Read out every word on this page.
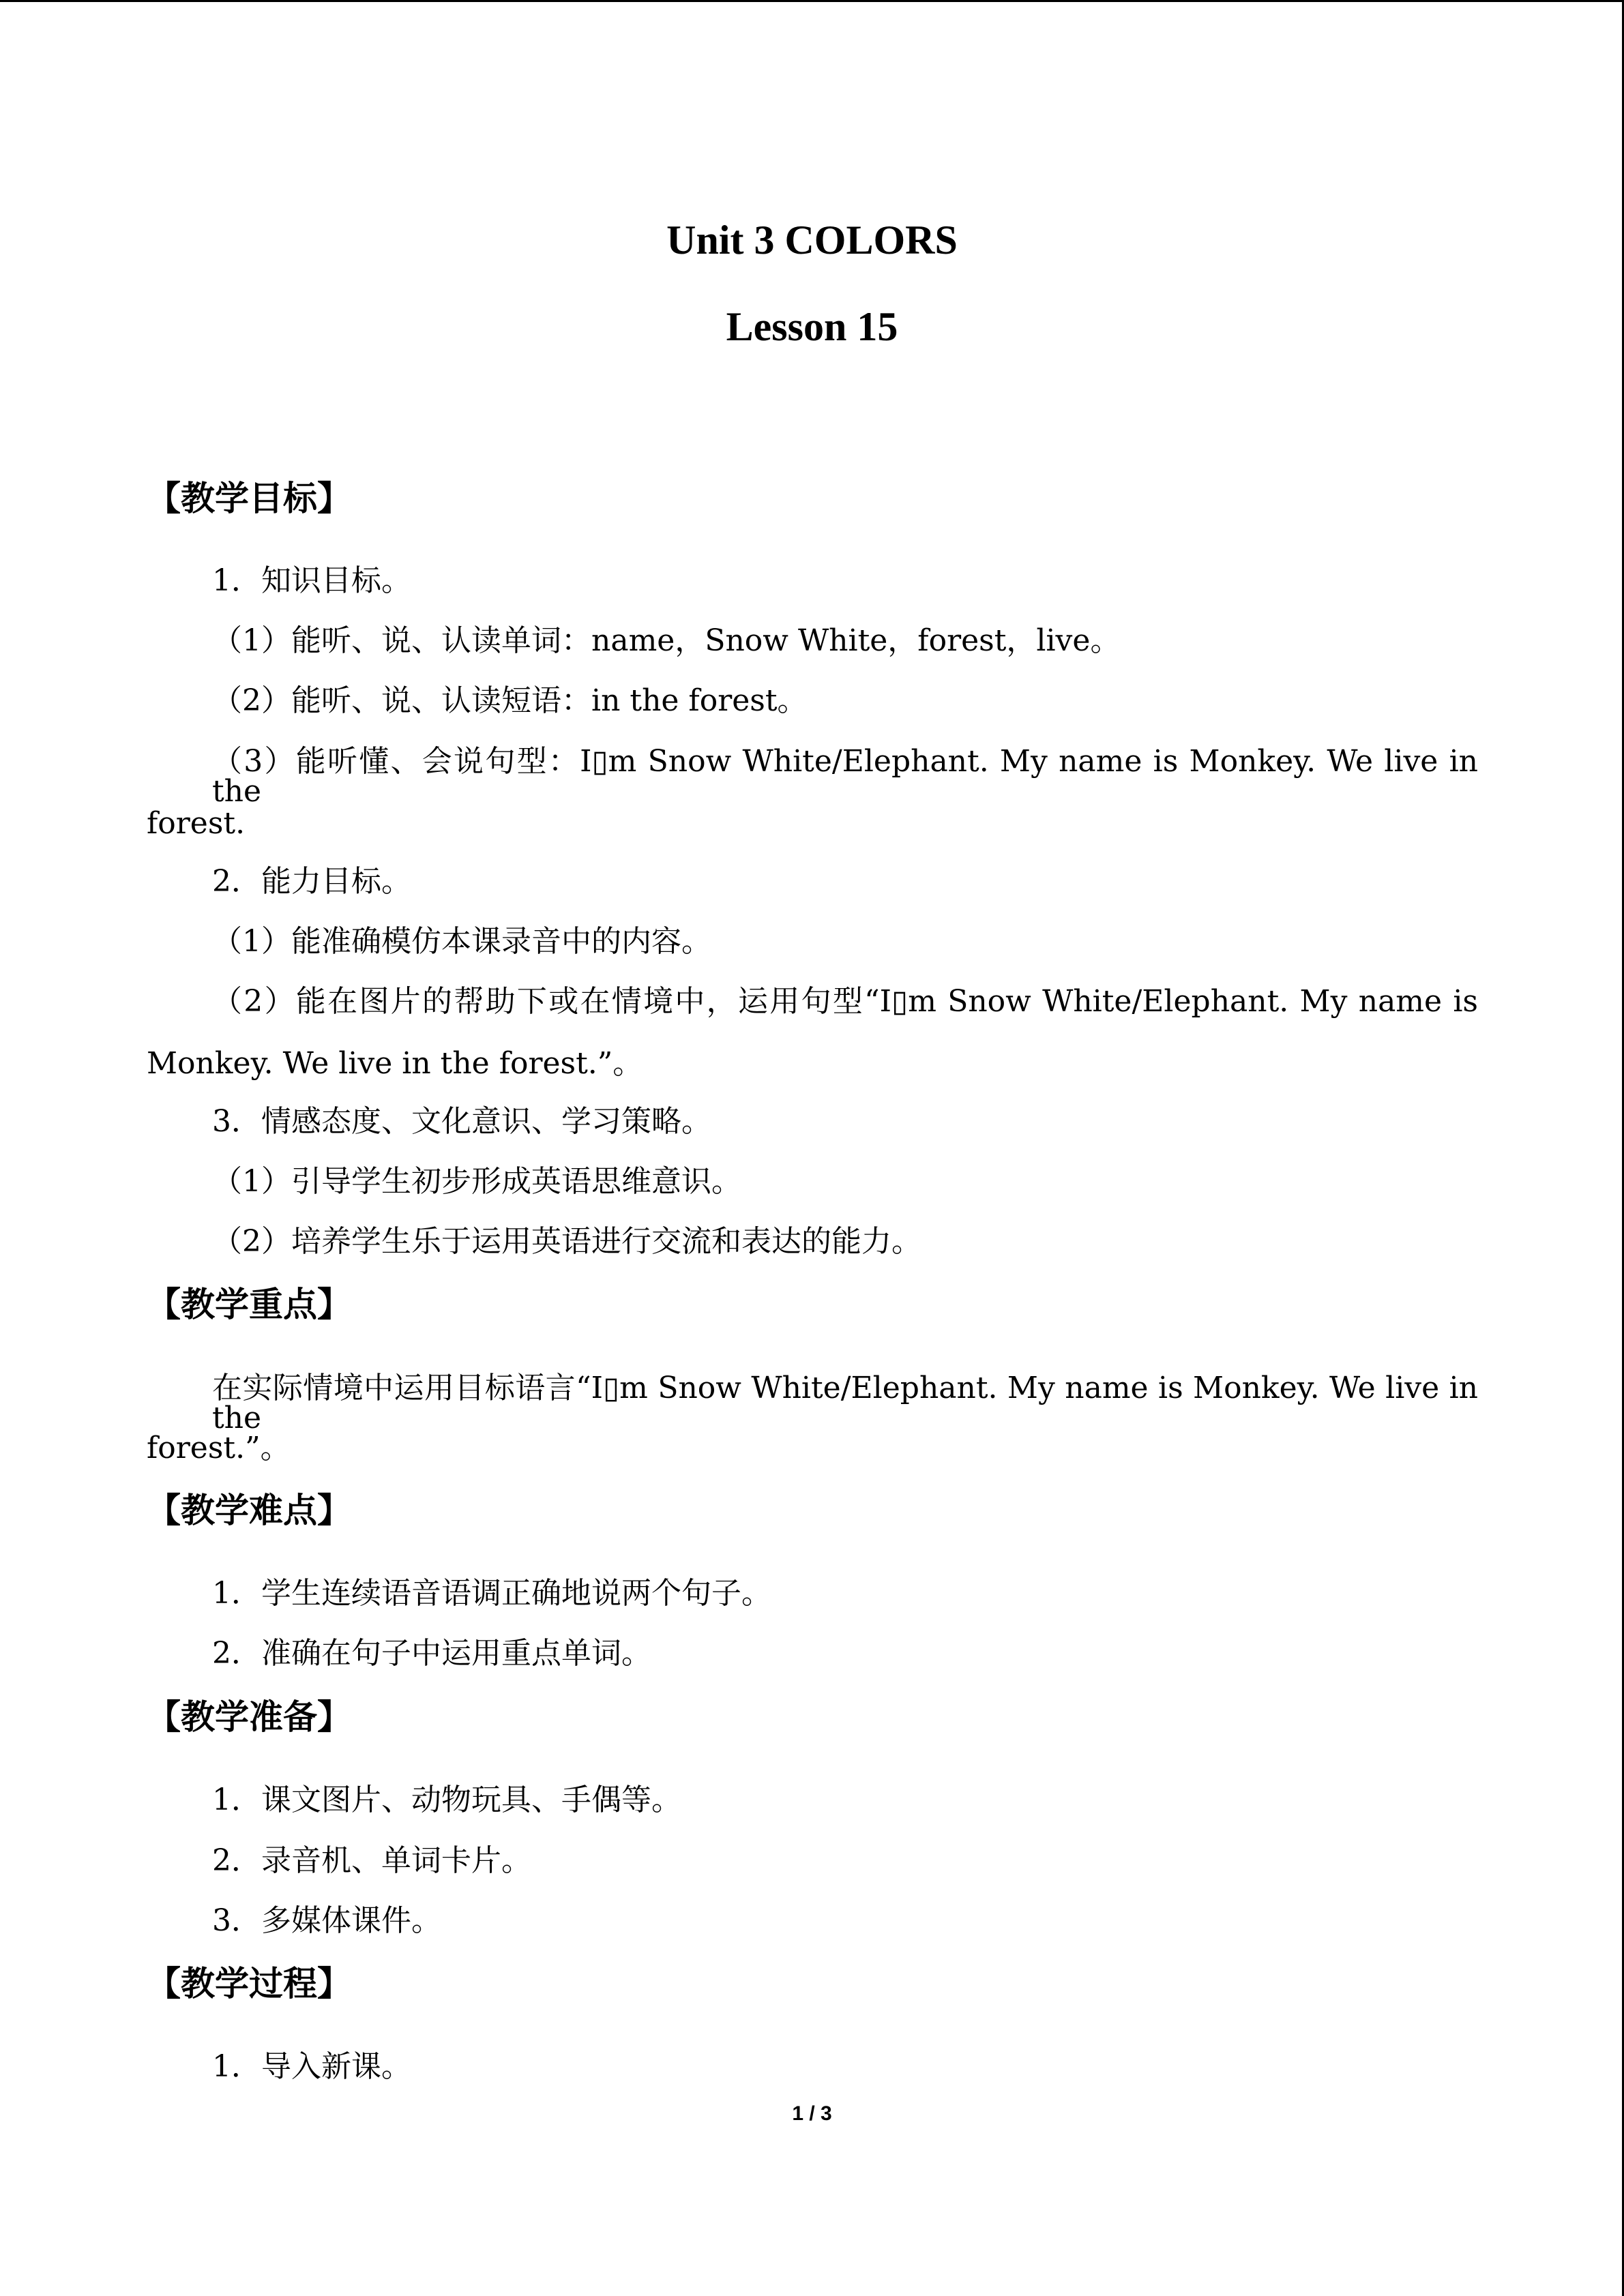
Unit 3 COLORS
Lesson 15
【教学目标】

1．知识目标。

（1）能听、说、认读单词：name，Snow White，forest，live。

（2）能听、说、认读短语：in the forest。

（3）能听懂、会说句型：I▯m Snow White/Elephant. My name is Monkey. We live in the

forest.

2．能力目标。

（1）能准确模仿本课录音中的内容。

（2）能在图片的帮助下或在情境中，运用句型“I▯m Snow White/Elephant. My name is

Monkey. We live in the forest.”。

3．情感态度、文化意识、学习策略。

（1）引导学生初步形成英语思维意识。

（2）培养学生乐于运用英语进行交流和表达的能力。

【教学重点】

在实际情境中运用目标语言“I▯m Snow White/Elephant. My name is Monkey. We live in the

forest.”。

【教学难点】

1．学生连续语音语调正确地说两个句子。

2．准确在句子中运用重点单词。

【教学准备】

1．课文图片、动物玩具、手偶等。

2．录音机、单词卡片。

3．多媒体课件。

【教学过程】

1．导入新课。

1 / 3
